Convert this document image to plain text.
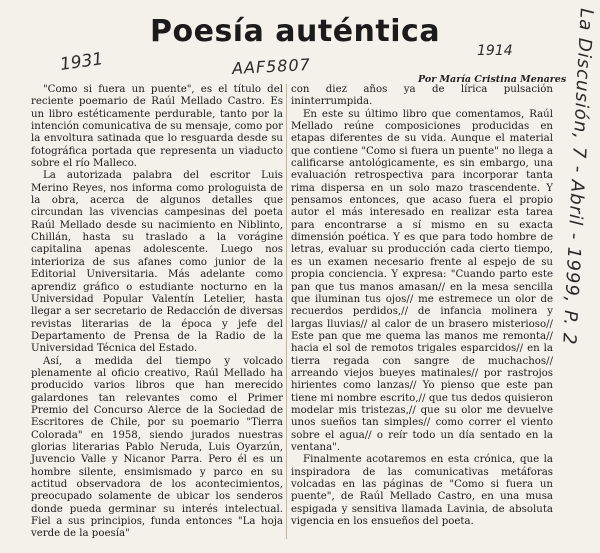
Poesía auténtica
Por María Cristina Menares
1931	AAF5807
1914	La Discusión, 7 - Abril - 1999, P. 2

"Como si fuera un puente", es el título del reciente poemario de Raúl Mellado Castro. Es un libro estéticamente perdurable, tanto por la intención comunicativa de su mensaje, como por la envoltura satinada que lo resguarda desde su fotográfica portada que representa un viaducto sobre el río Malleco.

La autorizada palabra del escritor Luis Merino Reyes, nos informa como prologuista de la obra, acerca de algunos detalles que circundan las vivencias campesinas del poeta Raúl Mellado desde su nacimiento en Niblinto, Chillán, hasta su traslado a la vorágine capitalina apenas adolescente. Luego nos interioriza de sus afanes como junior de la Editorial Universitaria. Más adelante como aprendiz gráfico o estudiante nocturno en la Universidad Popular Valentín Letelier, hasta llegar a ser secretario de Redacción de diversas revistas literarias de la época y jefe del Departamento de Prensa de la Radio de la Universidad Técnica del Estado.

Así, a medida del tiempo y volcado plenamente al oficio creativo, Raúl Mellado ha producido varios libros que han merecido galardones tan relevantes como el Primer Premio del Concurso Alerce de la Sociedad de Escritores de Chile, por su poemario "Tierra Colorada" en 1958, siendo jurados nuestras glorias literarias Pablo Neruda, Luis Oyarzún, Juvencio Valle y Nicanor Parra. Pero él es un hombre silente, ensimismado y parco en su actitud observadora de los acontecimientos, preocupado solamente de ubicar los senderos donde pueda germinar su interés intelectual. Fiel a sus principios, funda entonces "La hoja verde de la poesía"

con diez años ya de lírica pulsación ininterrumpida.

En este su último libro que comentamos, Raúl Mellado reúne composiciones producidas en etapas diferentes de su vida. Aunque el material que contiene "Como si fuera un puente" no llega a calificarse antológicamente, es sin embargo, una evaluación retrospectiva para incorporar tanta rima dispersa en un solo mazo trascendente. Y pensamos entonces, que acaso fuera el propio autor el más interesado en realizar esta tarea para encontrarse a sí mismo en su exacta dimensión poética. Y es que para todo hombre de letras, evaluar su producción cada cierto tiempo, es un examen necesario frente al espejo de su propia conciencia. Y expresa: "Cuando parto este pan que tus manos amasan// en la mesa sencilla que iluminan tus ojos// me estremece un olor de recuerdos perdidos,// de infancia molinera y largas lluvias// al calor de un brasero misterioso// Este pan que me quema las manos me remonta// hacia el sol de remotos trigales esparcidos// en la tierra regada con sangre de muchachos// arreando viejos bueyes matinales// por rastrojos hirientes como lanzas// Yo pienso que este pan tiene mi nombre escrito,// que tus dedos quisieron modelar mis tristezas,// que su olor me devuelve unos sueños tan simples// como correr el viento sobre el agua// o reír todo un día sentado en la ventana".

Finalmente acotaremos en esta crónica, que la inspiradora de las comunicativas metáforas volcadas en las páginas de "Como si fuera un puente", de Raúl Mellado Castro, en una musa espigada y sensitiva llamada Lavinia, de absoluta vigencia en los ensueños del poeta.
